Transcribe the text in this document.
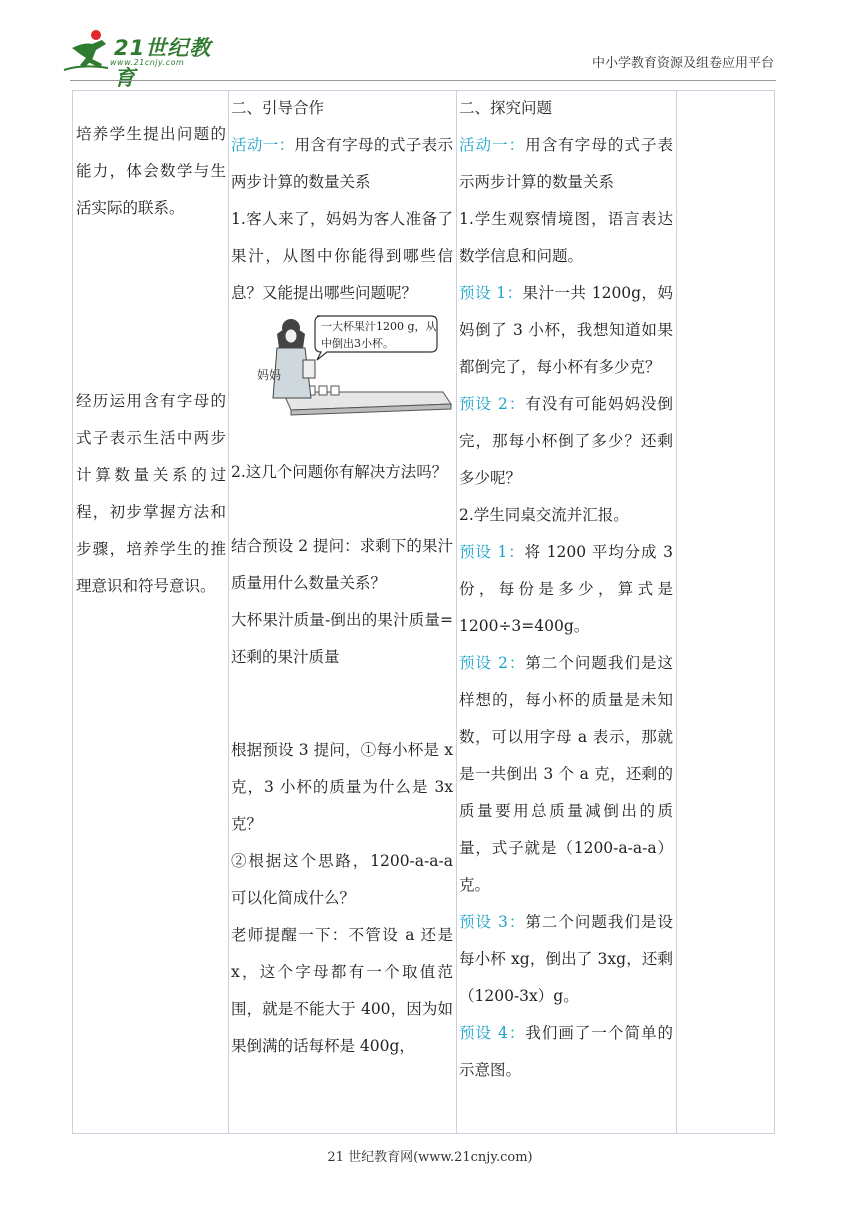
21世纪教育
www.21cnjy.com	中小学教育资源及组卷应用平台

培养学生提出问题的能力，体会数学与生活实际的联系。

经历运用含有字母的式子表示生活中两步计算数量关系的过程，初步掌握方法和步骤，培养学生的推理意识和符号意识。

二、引导合作

活动一：用含有字母的式子表示两步计算的数量关系

1.客人来了，妈妈为客人准备了果汁，从图中你能得到哪些信息？又能提出哪些问题呢？

一大杯果汁1200 g，从中倒出3小杯。
妈妈

2.这几个问题你有解决方法吗？

结合预设 2 提问：求剩下的果汁质量用什么数量关系？

大杯果汁质量-倒出的果汁质量=还剩的果汁质量

根据预设 3 提问，①每小杯是 x 克，3 小杯的质量为什么是 3x 克？

②根据这个思路，1200-a-a-a 可以化简成什么？

老师提醒一下：不管设 a 还是 x，这个字母都有一个取值范围，就是不能大于 400，因为如果倒满的话每杯是 400g，

二、探究问题

活动一：用含有字母的式子表示两步计算的数量关系

1.学生观察情境图，语言表达数学信息和问题。

预设 1：果汁一共 1200g，妈妈倒了 3 小杯，我想知道如果都倒完了，每小杯有多少克？

预设 2：有没有可能妈妈没倒完，那每小杯倒了多少？还剩多少呢？

2.学生同桌交流并汇报。

预设 1：将 1200 平均分成 3 份，每份是多少，算式是 1200÷3=400g。

预设 2：第二个问题我们是这样想的，每小杯的质量是未知数，可以用字母 a 表示，那就是一共倒出 3 个 a 克，还剩的质量要用总质量减倒出的质量，式子就是（1200-a-a-a）克。

预设 3：第二个问题我们是设每小杯 xg，倒出了 3xg，还剩（1200-3x）g。

预设 4：我们画了一个简单的示意图。

21 世纪教育网(www.21cnjy.com)
